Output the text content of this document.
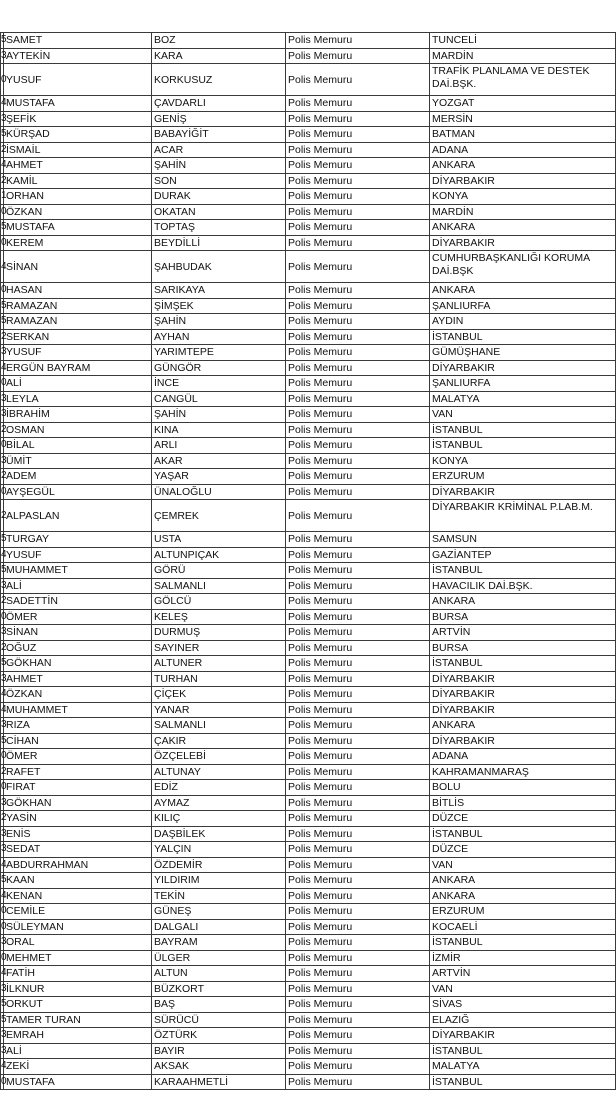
5	SAMET	BOZ	Polis Memuru	TUNCELİ
3	AYTEKİN	KARA	Polis Memuru	MARDİN
0	YUSUF	KORKUSUZ	Polis Memuru	TRAFİK PLANLAMA VE DESTEK DAİ.BŞK.
4	MUSTAFA	ÇAVDARLI	Polis Memuru	YOZGAT
3	ŞEFİK	GENİŞ	Polis Memuru	MERSİN
5	KÜRŞAD	BABAYİĞİT	Polis Memuru	BATMAN
2	İSMAİL	ACAR	Polis Memuru	ADANA
4	AHMET	ŞAHİN	Polis Memuru	ANKARA
2	KAMİL	SON	Polis Memuru	DİYARBAKIR
1	ORHAN	DURAK	Polis Memuru	KONYA
0	ÖZKAN	OKATAN	Polis Memuru	MARDİN
5	MUSTAFA	TOPTAŞ	Polis Memuru	ANKARA
0	KEREM	BEYDİLLİ	Polis Memuru	DİYARBAKIR
4	SİNAN	ŞAHBUDAK	Polis Memuru	CUMHURBAŞKANLIĞI KORUMA DAİ.BŞK
0	HASAN	SARIKAYA	Polis Memuru	ANKARA
5	RAMAZAN	ŞİMŞEK	Polis Memuru	ŞANLIURFA
5	RAMAZAN	ŞAHİN	Polis Memuru	AYDIN
2	SERKAN	AYHAN	Polis Memuru	İSTANBUL
3	YUSUF	YARIMTEPE	Polis Memuru	GÜMÜŞHANE
4	ERGÜN BAYRAM	GÜNGÖR	Polis Memuru	DİYARBAKIR
0	ALİ	İNCE	Polis Memuru	ŞANLIURFA
3	LEYLA	CANGÜL	Polis Memuru	MALATYA
3	İBRAHİM	ŞAHİN	Polis Memuru	VAN
2	OSMAN	KINA	Polis Memuru	İSTANBUL
0	BİLAL	ARLI	Polis Memuru	İSTANBUL
3	ÜMİT	AKAR	Polis Memuru	KONYA
2	ADEM	YAŞAR	Polis Memuru	ERZURUM
0	AYŞEGÜL	ÜNALOĞLU	Polis Memuru	DİYARBAKIR
2	ALPASLAN	ÇEMREK	Polis Memuru	DİYARBAKIR KRİMİNAL P.LAB.M.
5	TURGAY	USTA	Polis Memuru	SAMSUN
4	YUSUF	ALTUNPIÇAK	Polis Memuru	GAZİANTEP
5	MUHAMMET	GÖRÜ	Polis Memuru	İSTANBUL
3	ALİ	SALMANLI	Polis Memuru	HAVACILIK DAİ.BŞK.
2	SADETTİN	GÖLCÜ	Polis Memuru	ANKARA
0	ÖMER	KELEŞ	Polis Memuru	BURSA
3	SİNAN	DURMUŞ	Polis Memuru	ARTVİN
2	OĞUZ	SAYINER	Polis Memuru	BURSA
5	GÖKHAN	ALTUNER	Polis Memuru	İSTANBUL
3	AHMET	TURHAN	Polis Memuru	DİYARBAKIR
4	ÖZKAN	ÇİÇEK	Polis Memuru	DİYARBAKIR
4	MUHAMMET	YANAR	Polis Memuru	DİYARBAKIR
3	RIZA	SALMANLI	Polis Memuru	ANKARA
5	CİHAN	ÇAKIR	Polis Memuru	DİYARBAKIR
0	ÖMER	ÖZÇELEBİ	Polis Memuru	ADANA
2	RAFET	ALTUNAY	Polis Memuru	KAHRAMANMARAŞ
0	FIRAT	EDİZ	Polis Memuru	BOLU
3	GÖKHAN	AYMAZ	Polis Memuru	BİTLİS
2	YASİN	KILIÇ	Polis Memuru	DÜZCE
3	ENİS	DAŞBİLEK	Polis Memuru	İSTANBUL
3	SEDAT	YALÇIN	Polis Memuru	DÜZCE
4	ABDURRAHMAN	ÖZDEMİR	Polis Memuru	VAN
5	KAAN	YILDIRIM	Polis Memuru	ANKARA
4	KENAN	TEKİN	Polis Memuru	ANKARA
0	CEMİLE	GÜNEŞ	Polis Memuru	ERZURUM
0	SÜLEYMAN	DALGALI	Polis Memuru	KOCAELİ
3	ORAL	BAYRAM	Polis Memuru	İSTANBUL
0	MEHMET	ÜLGER	Polis Memuru	İZMİR
4	FATİH	ALTUN	Polis Memuru	ARTVİN
3	İLKNUR	BÜZKORT	Polis Memuru	VAN
5	ORKUT	BAŞ	Polis Memuru	SİVAS
5	TAMER TURAN	SÜRÜCÜ	Polis Memuru	ELAZIĞ
3	EMRAH	ÖZTÜRK	Polis Memuru	DİYARBAKIR
3	ALİ	BAYIR	Polis Memuru	İSTANBUL
4	ZEKİ	AKSAK	Polis Memuru	MALATYA
0	MUSTAFA	KARAAHMETLİ	Polis Memuru	İSTANBUL
